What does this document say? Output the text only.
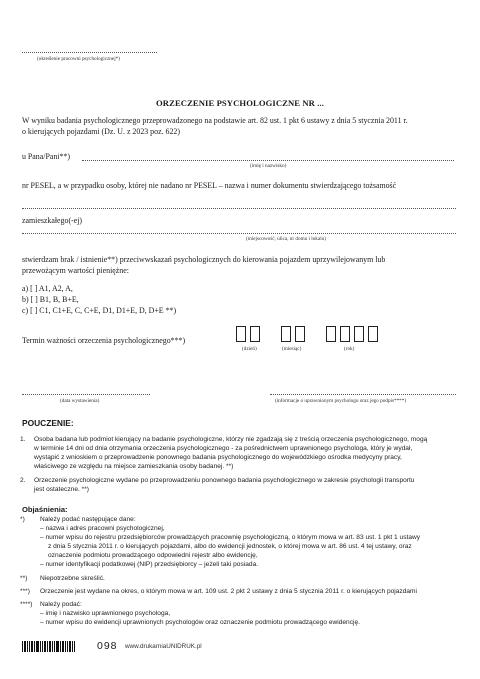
(określenie pracowni psychologicznej*)
ORZECZENIE PSYCHOLOGICZNE NR ...
W wyniku badania psychologicznego przeprowadzonego na podstawie art. 82 ust. 1 pkt 6 ustawy z dnia 5 stycznia 2011 r.
o kierujących pojazdami (Dz. U. z 2023 poz. 622)
u Pana/Pani**)
(imię i nazwisko)
nr PESEL, a w przypadku osoby, której nie nadano nr PESEL – nazwa i numer dokumentu stwierdzającego tożsamość
zamieszkałego(-ej)
(miejscowość, ulica, nr domu i lokalu)
stwierdzam brak / istnienie**) przeciwwskazań psychologicznych do kierowania pojazdem uprzywilejowanym lub
przewożącym wartości pieniężne:
a) [ ] A1, A2, A,
b) [ ] B1, B, B+E,
c) [ ] C1, C1+E, C, C+E, D1, D1+E, D, D+E **)
Termin ważności orzeczenia psychologicznego***)
(dzień)	(miesiąc)	(rok)
(data wystawienia)	(informacje o uprawnionym psychologu oraz jego podpis****)
POUCZENIE:
1. Osoba badana lub podmiot kierujący na badanie psychologiczne, którzy nie zgadzają się z treścią orzeczenia psychologicznego, mogą
w terminie 14 dni od dnia otrzymania orzeczenia psychologicznego - za pośrednictwem uprawnionego psychologa, który je wydał,
wystąpić z wnioskiem o przeprowadzenie ponownego badania psychologicznego do wojewódzkiego ośrodka medycyny pracy,
właściwego ze względu na miejsce zamieszkania osoby badanej. **)
2. Orzeczenie psychologiczne wydane po przeprowadzeniu ponownego badania psychologicznego w zakresie psychologii transportu
jest ostateczne. **)
Objaśnienia:
*) Należy podać następujące dane:
– nazwa i adres pracowni psychologicznej,
– numer wpisu do rejestru przedsiębiorców prowadzących pracownię psychologiczną, o którym mowa w art. 83 ust. 1 pkt 1 ustawy
z dnia 5 stycznia 2011 r. o kierujących pojazdami, albo do ewidencji jednostek, o której mowa w art. 86 ust. 4 tej ustawy, oraz
oznaczenie podmiotu prowadzącego odpowiedni rejestr albo ewidencję,
– numer identyfikacji podatkowej (NIP) przedsiębiorcy – jeżeli taki posiada.
**) Niepotrzebne skreślić.
***) Orzeczenie jest wydane na okres, o którym mowa w art. 109 ust. 2 pkt 2 ustawy z dnia 5 stycznia 2011 r. o kierujących pojazdami
****) Należy podać:
– imię i nazwisko uprawnionego psychologa,
– numer wpisu do ewidencji uprawnionych psychologów oraz oznaczenie podmiotu prowadzącego ewidencję.
098 www.drukarniaUNIDRUK.pl
